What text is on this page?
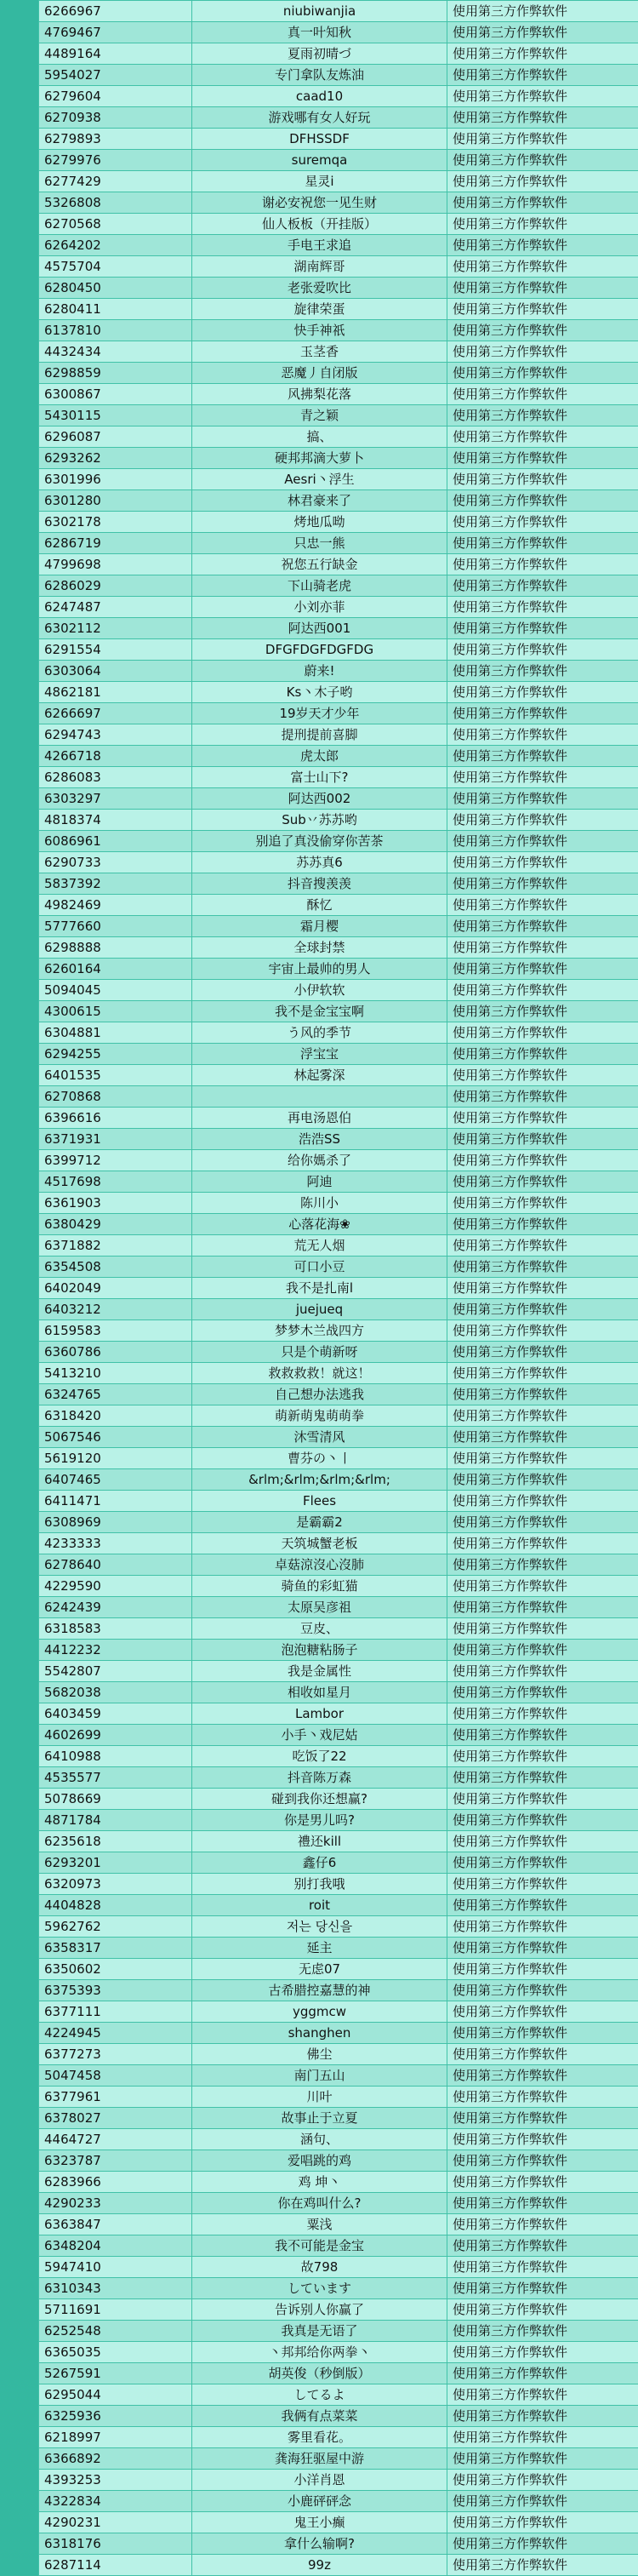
6266967	niubiwanjia	使用第三方作弊软件
4769467	真一叶知秋	使用第三方作弊软件
4489164	夏雨初晴づ	使用第三方作弊软件
5954027	专门拿队友炼油	使用第三方作弊软件
6279604	caad10	使用第三方作弊软件
6270938	游戏哪有女人好玩	使用第三方作弊软件
6279893	DFHSSDF	使用第三方作弊软件
6279976	suremqa	使用第三方作弊软件
6277429	星灵i	使用第三方作弊软件
5326808	谢必安祝您一见生财	使用第三方作弊软件
6270568	仙人板板（开挂版）	使用第三方作弊软件
6264202	手电王求追	使用第三方作弊软件
4575704	湖南辉哥	使用第三方作弊软件
6280450	老张爱吹比	使用第三方作弊软件
6280411	旋律荣蛋	使用第三方作弊软件
6137810	快手神祇	使用第三方作弊软件
4432434	玉茎香	使用第三方作弊软件
6298859	恶魔丿自闭版	使用第三方作弊软件
6300867	风拂梨花落	使用第三方作弊软件
5430115	青之颖	使用第三方作弊软件
6296087	搞、	使用第三方作弊软件
6293262	硬邦邦滴大萝卜	使用第三方作弊软件
6301996	Aesri丶浮生	使用第三方作弊软件
6301280	林君豪来了	使用第三方作弊软件
6302178	烤地瓜呦	使用第三方作弊软件
6286719	只忠一熊	使用第三方作弊软件
4799698	祝您五行缺金	使用第三方作弊软件
6286029	下山骑老虎	使用第三方作弊软件
6247487	小刘亦菲	使用第三方作弊软件
6302112	阿达西001	使用第三方作弊软件
6291554	DFGFDGFDGFDG	使用第三方作弊软件
6303064	蔚来!	使用第三方作弊软件
4862181	Ks丶木子哟	使用第三方作弊软件
6266697	19岁天才少年	使用第三方作弊软件
6294743	提刑提前喜脚	使用第三方作弊软件
4266718	虎太郎	使用第三方作弊软件
6286083	富士山下?	使用第三方作弊软件
6303297	阿达西002	使用第三方作弊软件
4818374	Sub丷苏苏哟	使用第三方作弊软件
6086961	别追了真没偷穿你苦茶	使用第三方作弊软件
6290733	苏苏真6	使用第三方作弊软件
5837392	抖音搜羡羡	使用第三方作弊软件
4982469	酥忆	使用第三方作弊软件
5777660	霜月樱	使用第三方作弊软件
6298888	全球封禁	使用第三方作弊软件
6260164	宇宙上最帅的男人	使用第三方作弊软件
5094045	小伊软软	使用第三方作弊软件
4300615	我不是金宝宝啊	使用第三方作弊软件
6304881	う风的季节	使用第三方作弊软件
6294255	浮宝宝	使用第三方作弊软件
6401535	林起雾深	使用第三方作弊软件
6270868		使用第三方作弊软件
6396616	再电汤恩伯	使用第三方作弊软件
6371931	浩浩SS	使用第三方作弊软件
6399712	给你媽杀了	使用第三方作弊软件
4517698	阿迪	使用第三方作弊软件
6361903	陈川小	使用第三方作弊软件
6380429	心落花海❀	使用第三方作弊软件
6371882	荒无人烟	使用第三方作弊软件
6354508	可口小豆	使用第三方作弊软件
6402049	我不是扎南l	使用第三方作弊软件
6403212	juejueq	使用第三方作弊软件
6159583	梦梦木兰战四方	使用第三方作弊软件
6360786	只是个萌新呀	使用第三方作弊软件
5413210	救救救救！就这！	使用第三方作弊软件
6324765	自己想办法逃我	使用第三方作弊软件
6318420	萌新萌鬼萌萌拳	使用第三方作弊软件
5067546	沐雪清风	使用第三方作弊软件
5619120	曹芬の丶丨	使用第三方作弊软件
6407465	&rlm;&rlm;&rlm;&rlm;	使用第三方作弊软件
6411471	Flees	使用第三方作弊软件
6308969	是霸霸2	使用第三方作弊软件
4233333	天筑城蟹老板	使用第三方作弊软件
6278640	卓菇涼沒心沒肺	使用第三方作弊软件
4229590	骑鱼的彩虹猫	使用第三方作弊软件
6242439	太原吴彦祖	使用第三方作弊软件
6318583	豆皮、	使用第三方作弊软件
4412232	泡泡糖粘肠子	使用第三方作弊软件
5542807	我是金属性	使用第三方作弊软件
5682038	相收如星月	使用第三方作弊软件
6403459	Lambor	使用第三方作弊软件
4602699	小手丶戏尼姑	使用第三方作弊软件
6410988	吃饭了22	使用第三方作弊软件
4535577	抖音陈万森	使用第三方作弊软件
5078669	碰到我你还想赢?	使用第三方作弊软件
4871784	你是男儿吗?	使用第三方作弊软件
6235618	禮还kill	使用第三方作弊软件
6293201	鑫仔6	使用第三方作弊软件
6320973	别打我哦	使用第三方作弊软件
4404828	roit	使用第三方作弊软件
5962762	저는 당신을	使用第三方作弊软件
6358317	延主	使用第三方作弊软件
6350602	无虑07	使用第三方作弊软件
6375393	古希腊控嘉慧的神	使用第三方作弊软件
6377111	yggmcw	使用第三方作弊软件
4224945	shanghen	使用第三方作弊软件
6377273	佛尘	使用第三方作弊软件
5047458	南门五山	使用第三方作弊软件
6377961	川叶	使用第三方作弊软件
6378027	故事止于立夏	使用第三方作弊软件
4464727	涵句、	使用第三方作弊软件
6323787	爱唱跳的鸡	使用第三方作弊软件
6283966	鸡 坤丶	使用第三方作弊软件
4290233	你在鸡叫什么?	使用第三方作弊软件
6363847	粟浅	使用第三方作弊软件
6348204	我不可能是金宝	使用第三方作弊软件
5947410	故798	使用第三方作弊软件
6310343	しています	使用第三方作弊软件
5711691	告诉别人你赢了	使用第三方作弊软件
6252548	我真是无语了	使用第三方作弊软件
6365035	丶邦邦给你两拳丶	使用第三方作弊软件
5267591	胡英俊（秒倒版）	使用第三方作弊软件
6295044	してるよ	使用第三方作弊软件
6325936	我俩有点菜菜	使用第三方作弊软件
6218997	雾里看花。	使用第三方作弊软件
6366892	龚海狂驱屋中游	使用第三方作弊软件
4393253	小洋肖恩	使用第三方作弊软件
4322834	小鹿砰砰念	使用第三方作弊软件
4290231	鬼王小癫	使用第三方作弊软件
6318176	拿什么输啊?	使用第三方作弊软件
6287114	99z	使用第三方作弊软件
